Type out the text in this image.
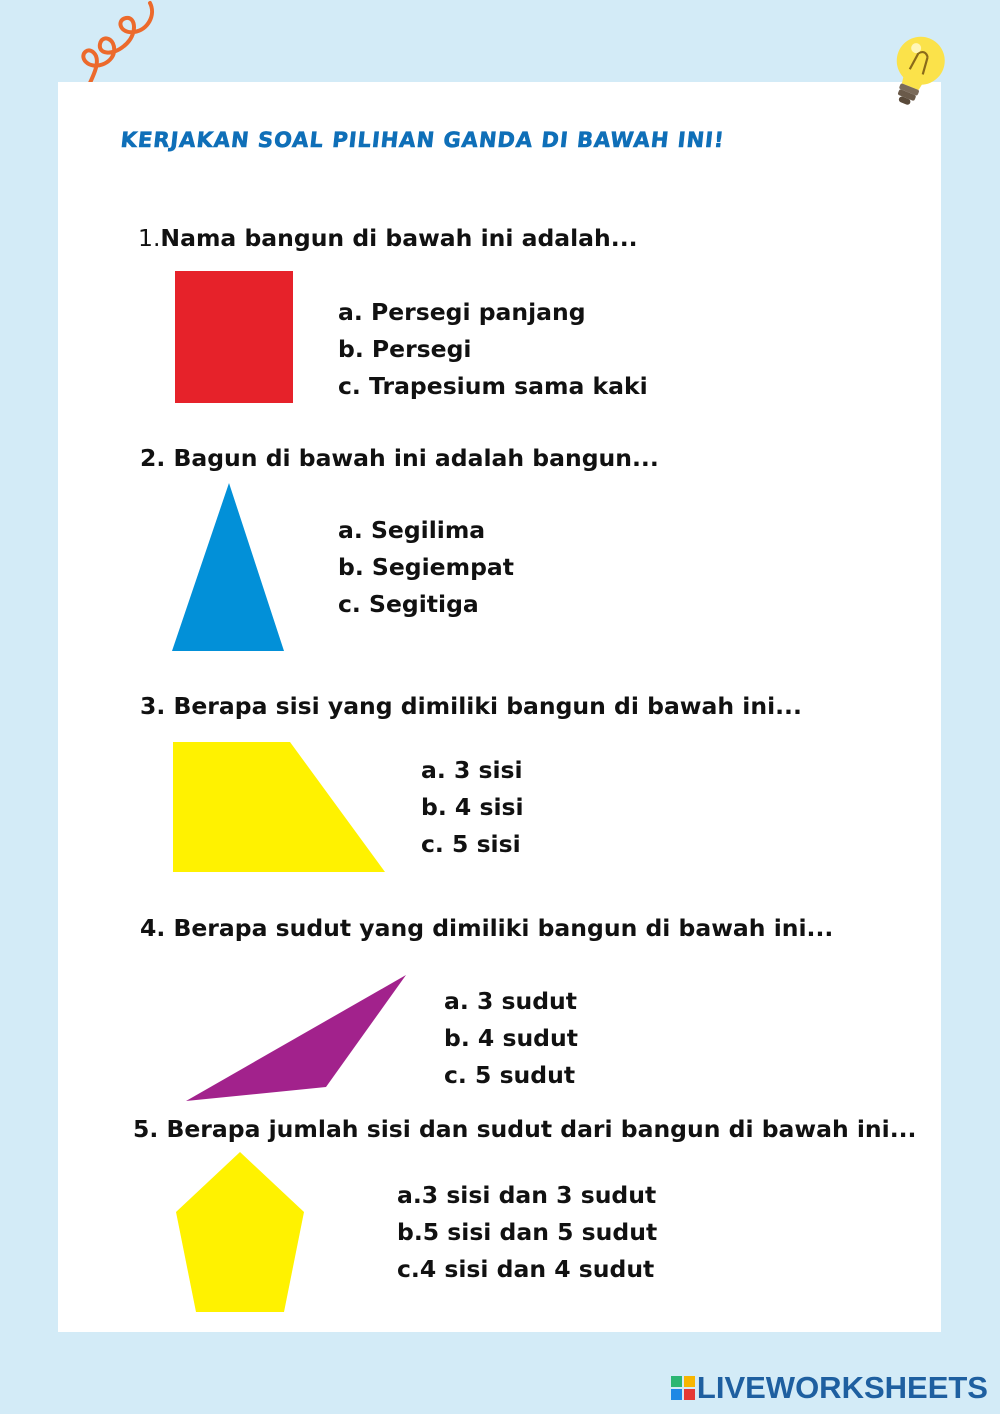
KERJAKAN SOAL PILIHAN GANDA DI BAWAH INI!
1.Nama bangun di bawah ini adalah...
a. Persegi panjang
b. Persegi
c. Trapesium sama kaki
2. Bagun di bawah ini adalah bangun...
a. Segilima
b. Segiempat
c. Segitiga
3. Berapa sisi yang dimiliki bangun di bawah ini...
a. 3 sisi
b. 4 sisi
c. 5 sisi
4. Berapa sudut yang dimiliki bangun di bawah ini...
a. 3 sudut
b. 4 sudut
c. 5 sudut
5. Berapa jumlah sisi dan sudut dari bangun di bawah ini...
a.3 sisi dan 3 sudut
b.5 sisi dan 5 sudut
c.4 sisi dan 4 sudut
LIVEWORKSHEETS
